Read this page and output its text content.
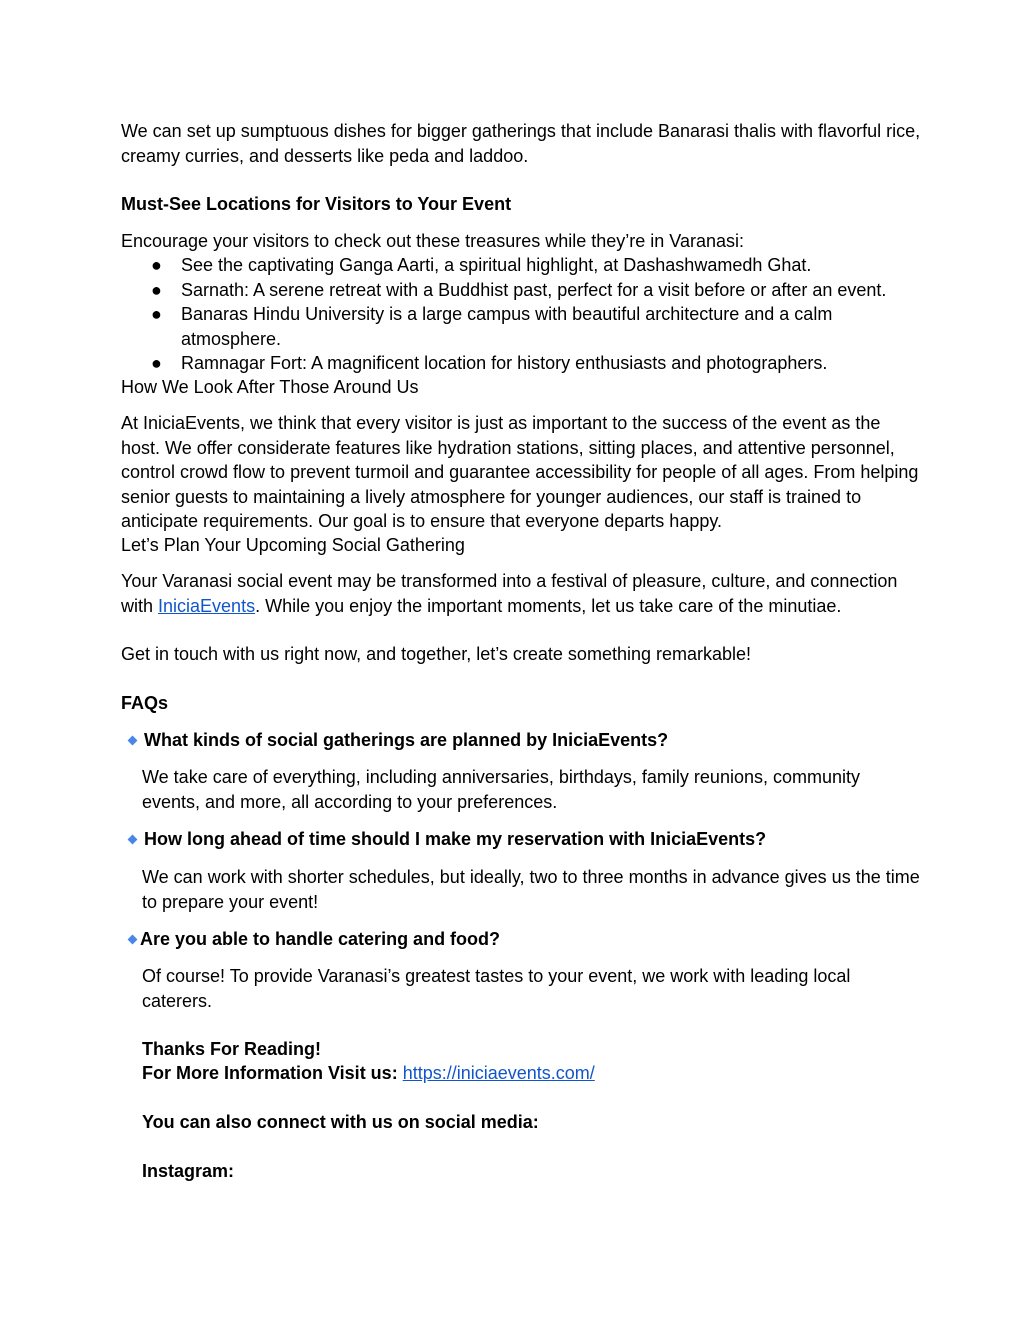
We can set up sumptuous dishes for bigger gatherings that include Banarasi thalis with flavorful rice, creamy curries, and desserts like peda and laddoo.

Must-See Locations for Visitors to Your Event

Encourage your visitors to check out these treasures while they’re in Varanasi:

● See the captivating Ganga Aarti, a spiritual highlight, at Dashashwamedh Ghat.
● Sarnath: A serene retreat with a Buddhist past, perfect for a visit before or after an event.
● Banaras Hindu University is a large campus with beautiful architecture and a calm atmosphere.
● Ramnagar Fort: A magnificent location for history enthusiasts and photographers.

How We Look After Those Around Us

At IniciaEvents, we think that every visitor is just as important to the success of the event as the host. We offer considerate features like hydration stations, sitting places, and attentive personnel, control crowd flow to prevent turmoil and guarantee accessibility for people of all ages. From helping senior guests to maintaining a lively atmosphere for younger audiences, our staff is trained to anticipate requirements. Our goal is to ensure that everyone departs happy.

Let’s Plan Your Upcoming Social Gathering

Your Varanasi social event may be transformed into a festival of pleasure, culture, and connection with IniciaEvents. While you enjoy the important moments, let us take care of the minutiae.

Get in touch with us right now, and together, let’s create something remarkable!

FAQs

What kinds of social gatherings are planned by IniciaEvents?

We take care of everything, including anniversaries, birthdays, family reunions, community events, and more, all according to your preferences.

How long ahead of time should I make my reservation with IniciaEvents?

We can work with shorter schedules, but ideally, two to three months in advance gives us the time to prepare your event!

Are you able to handle catering and food?

Of course! To provide Varanasi’s greatest tastes to your event, we work with leading local caterers.

Thanks For Reading!

For More Information Visit us: https://iniciaevents.com/

You can also connect with us on social media:

Instagram:
